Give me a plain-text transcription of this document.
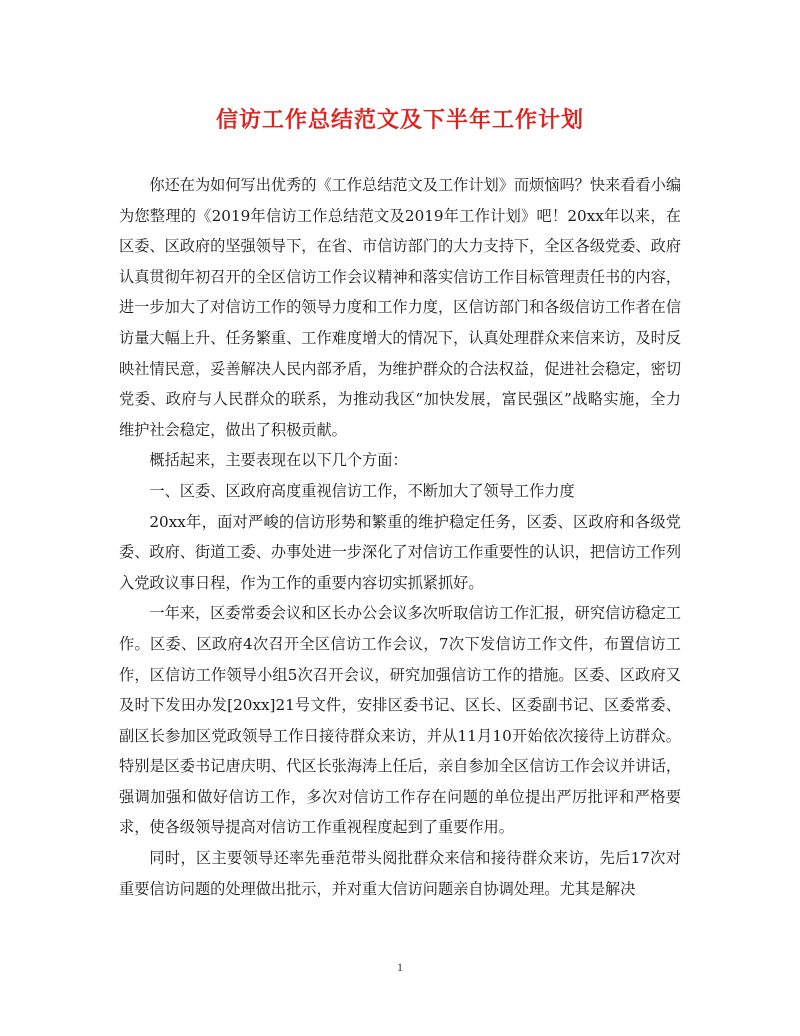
信访工作总结范文及下半年工作计划

你还在为如何写出优秀的《工作总结范文及工作计划》而烦恼吗？快来看看小编为您整理的《2019年信访工作总结范文及2019年工作计划》吧！20xx年以来，在区委、区政府的坚强领导下，在省、市信访部门的大力支持下，全区各级党委、政府认真贯彻年初召开的全区信访工作会议精神和落实信访工作目标管理责任书的内容，进一步加大了对信访工作的领导力度和工作力度，区信访部门和各级信访工作者在信访量大幅上升、任务繁重、工作难度增大的情况下，认真处理群众来信来访，及时反映社情民意，妥善解决人民内部矛盾，为维护群众的合法权益，促进社会稳定，密切党委、政府与人民群众的联系，为推动我区“加快发展，富民强区”战略实施，全力维护社会稳定，做出了积极贡献。

概括起来，主要表现在以下几个方面：

一、区委、区政府高度重视信访工作，不断加大了领导工作力度

20xx年，面对严峻的信访形势和繁重的维护稳定任务，区委、区政府和各级党委、政府、街道工委、办事处进一步深化了对信访工作重要性的认识，把信访工作列入党政议事日程，作为工作的重要内容切实抓紧抓好。

一年来，区委常委会议和区长办公会议多次听取信访工作汇报，研究信访稳定工作。区委、区政府4次召开全区信访工作会议，7次下发信访工作文件，布置信访工作，区信访工作领导小组5次召开会议，研究加强信访工作的措施。区委、区政府又及时下发田办发[20xx]21号文件，安排区委书记、区长、区委副书记、区委常委、副区长参加区党政领导工作日接待群众来访，并从11月10开始依次接待上访群众。特别是区委书记唐庆明、代区长张海涛上任后，亲自参加全区信访工作会议并讲话，强调加强和做好信访工作，多次对信访工作存在问题的单位提出严厉批评和严格要求，使各级领导提高对信访工作重视程度起到了重要作用。

同时，区主要领导还率先垂范带头阅批群众来信和接待群众来访，先后17次对重要信访问题的处理做出批示，并对重大信访问题亲自协调处理。尤其是解决

1
